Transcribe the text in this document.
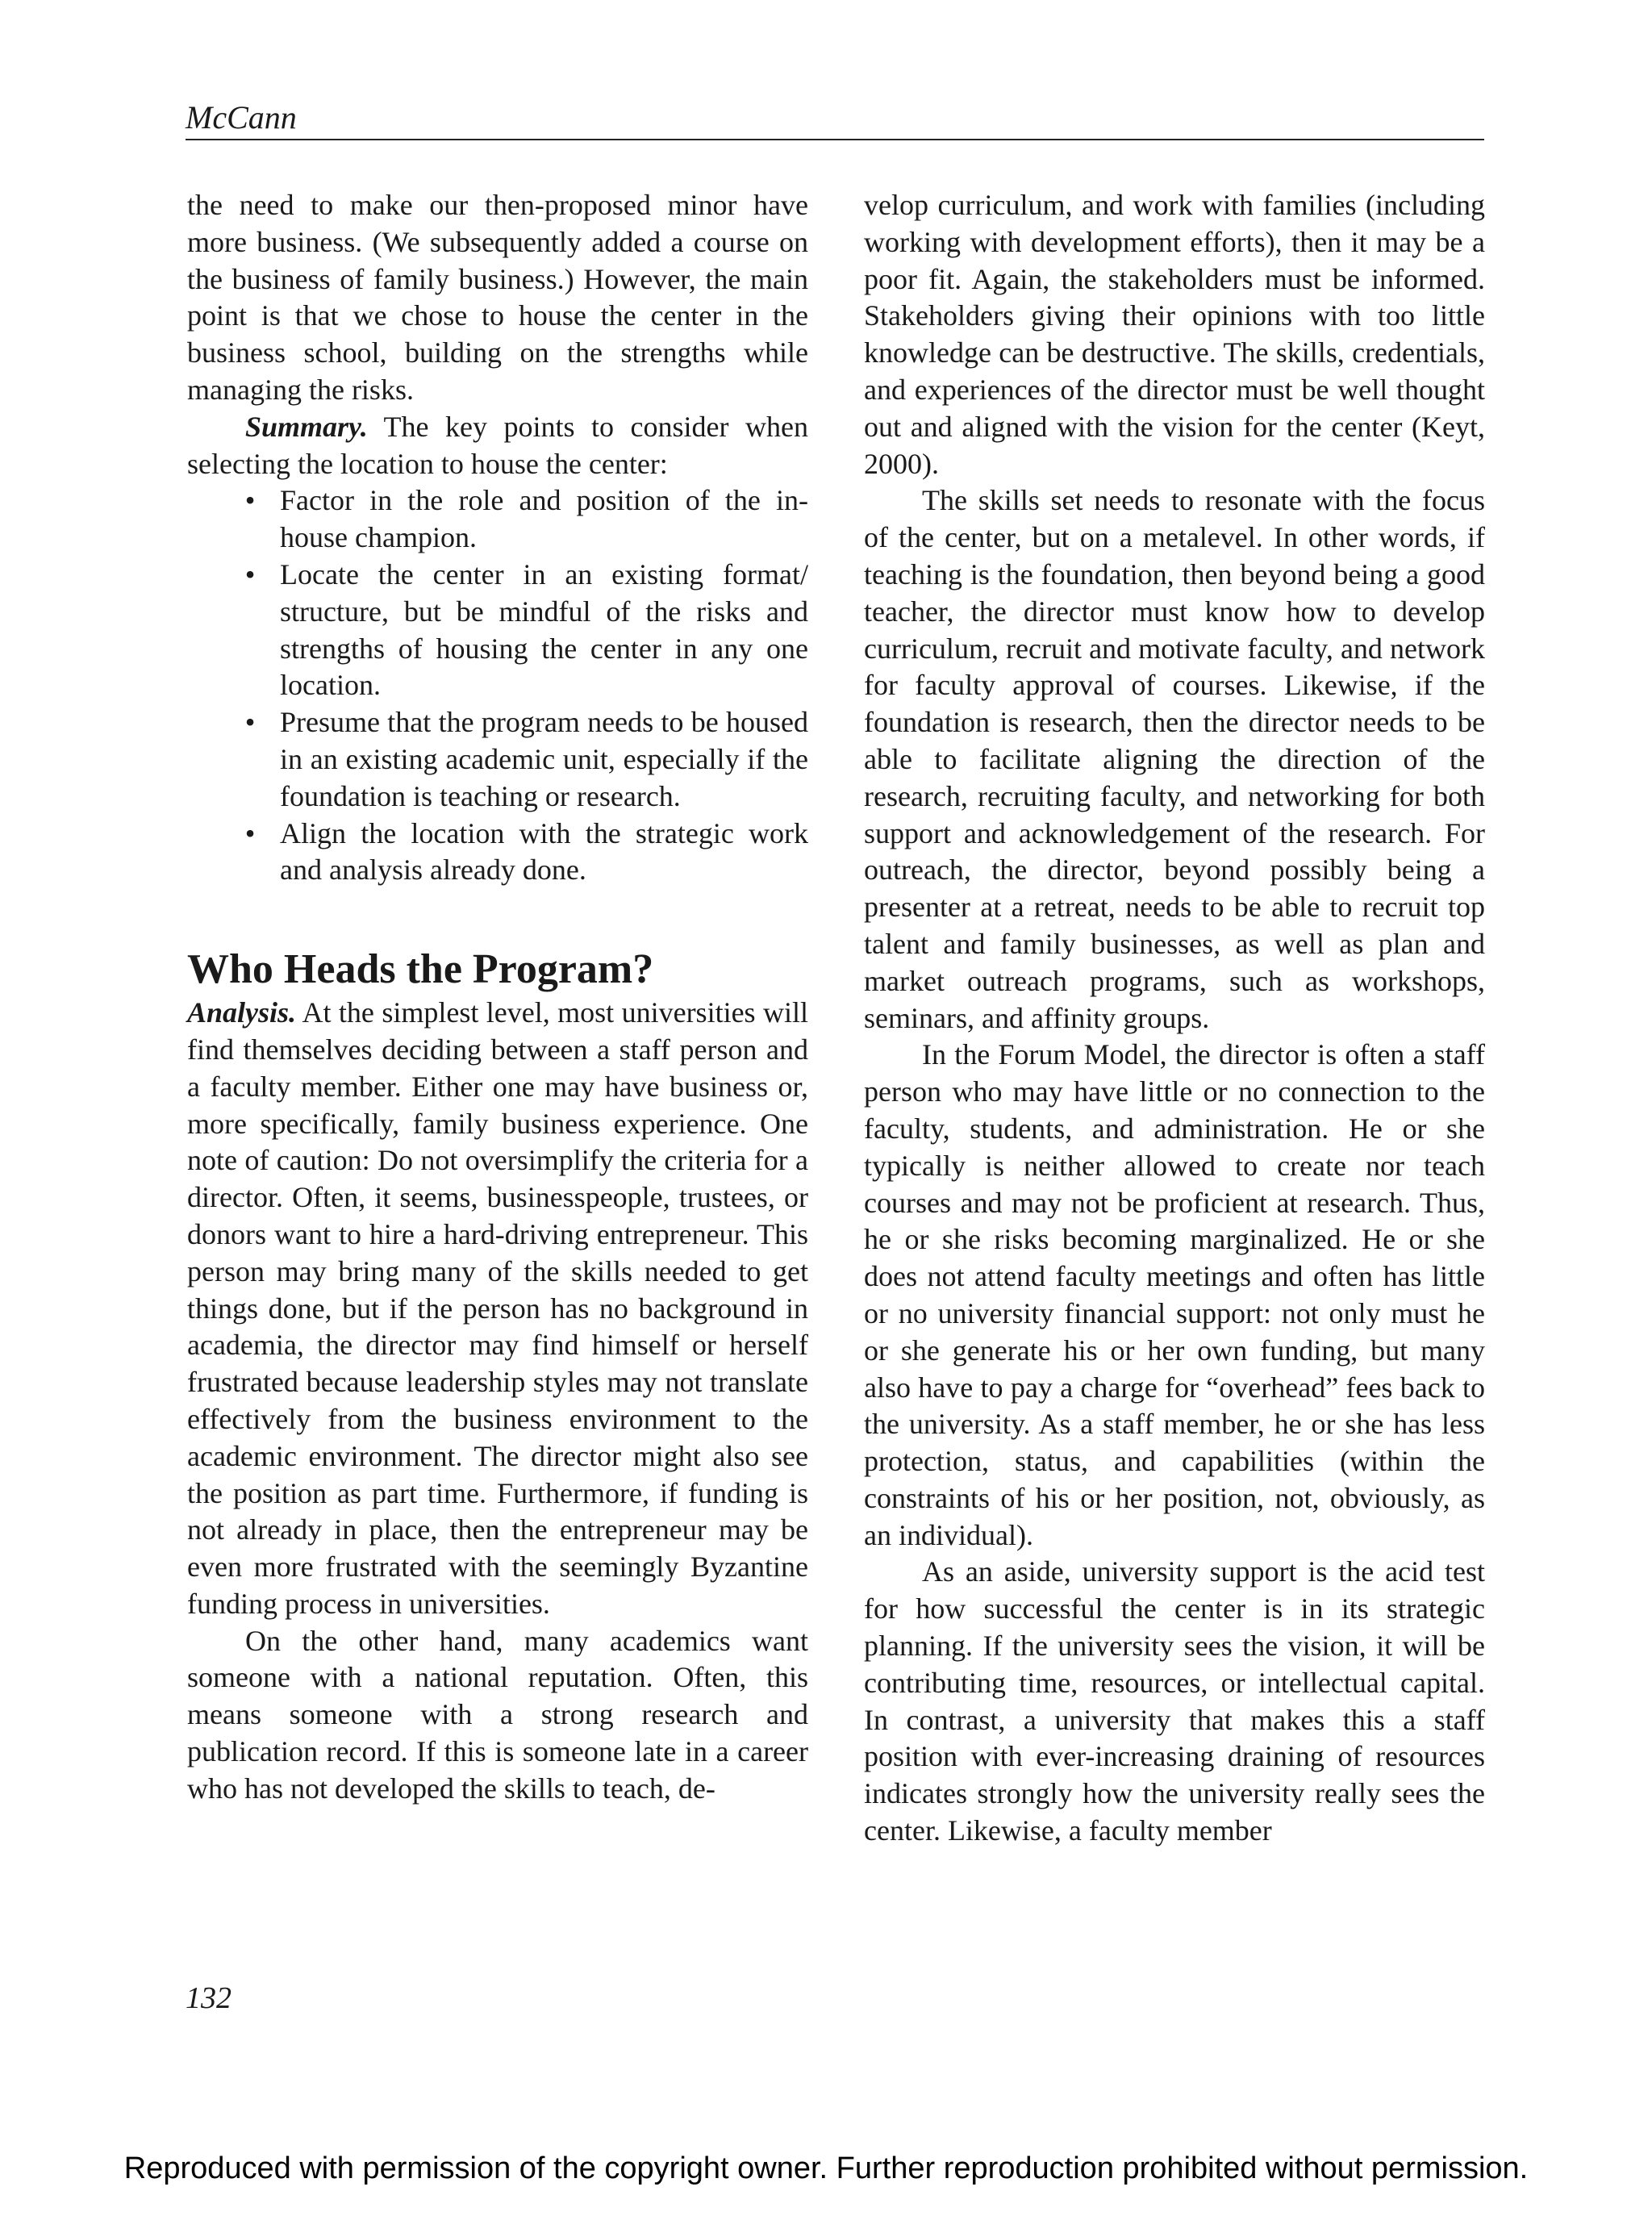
McCann

the need to make our then-proposed minor have more business. (We subsequently added a course on the business of family business.) However, the main point is that we chose to house the center in the business school, building on the strengths while managing the risks.

Summary. The key points to consider when selecting the location to house the center:

• Factor in the role and position of the in-house champion.
• Locate the center in an existing format/ structure, but be mindful of the risks and strengths of housing the center in any one location.
• Presume that the program needs to be housed in an existing academic unit, especially if the foundation is teaching or research.
• Align the location with the strategic work and analysis already done.
Who Heads the Program?

Analysis. At the simplest level, most universities will find themselves deciding between a staff person and a faculty member. Either one may have business or, more specifically, family business experience. One note of caution: Do not oversimplify the criteria for a director. Often, it seems, businesspeople, trustees, or donors want to hire a hard-driving entrepreneur. This person may bring many of the skills needed to get things done, but if the person has no background in academia, the director may find himself or herself frustrated because leadership styles may not translate effectively from the business environment to the academic environment. The director might also see the position as part time. Furthermore, if funding is not already in place, then the entrepreneur may be even more frustrated with the seemingly Byzantine funding process in universities.

On the other hand, many academics want someone with a national reputation. Often, this means someone with a strong research and publication record. If this is someone late in a career who has not developed the skills to teach, de-

velop curriculum, and work with families (including working with development efforts), then it may be a poor fit. Again, the stakeholders must be informed. Stakeholders giving their opinions with too little knowledge can be destructive. The skills, credentials, and experiences of the director must be well thought out and aligned with the vision for the center (Keyt, 2000).

The skills set needs to resonate with the focus of the center, but on a metalevel. In other words, if teaching is the foundation, then beyond being a good teacher, the director must know how to develop curriculum, recruit and motivate faculty, and network for faculty approval of courses. Likewise, if the foundation is research, then the director needs to be able to facilitate aligning the direction of the research, recruiting faculty, and networking for both support and acknowledgement of the research. For outreach, the director, beyond possibly being a presenter at a retreat, needs to be able to recruit top talent and family businesses, as well as plan and market outreach programs, such as workshops, seminars, and affinity groups.

In the Forum Model, the director is often a staff person who may have little or no connection to the faculty, students, and administration. He or she typically is neither allowed to create nor teach courses and may not be proficient at research. Thus, he or she risks becoming marginalized. He or she does not attend faculty meetings and often has little or no university financial support: not only must he or she generate his or her own funding, but many also have to pay a charge for “overhead” fees back to the university. As a staff member, he or she has less protection, status, and capabilities (within the constraints of his or her position, not, obviously, as an individual).

As an aside, university support is the acid test for how successful the center is in its strategic planning. If the university sees the vision, it will be contributing time, resources, or intellectual capital. In contrast, a university that makes this a staff position with ever-increasing draining of resources indicates strongly how the university really sees the center. Likewise, a faculty member

132
Reproduced with permission of the copyright owner. Further reproduction prohibited without permission.
